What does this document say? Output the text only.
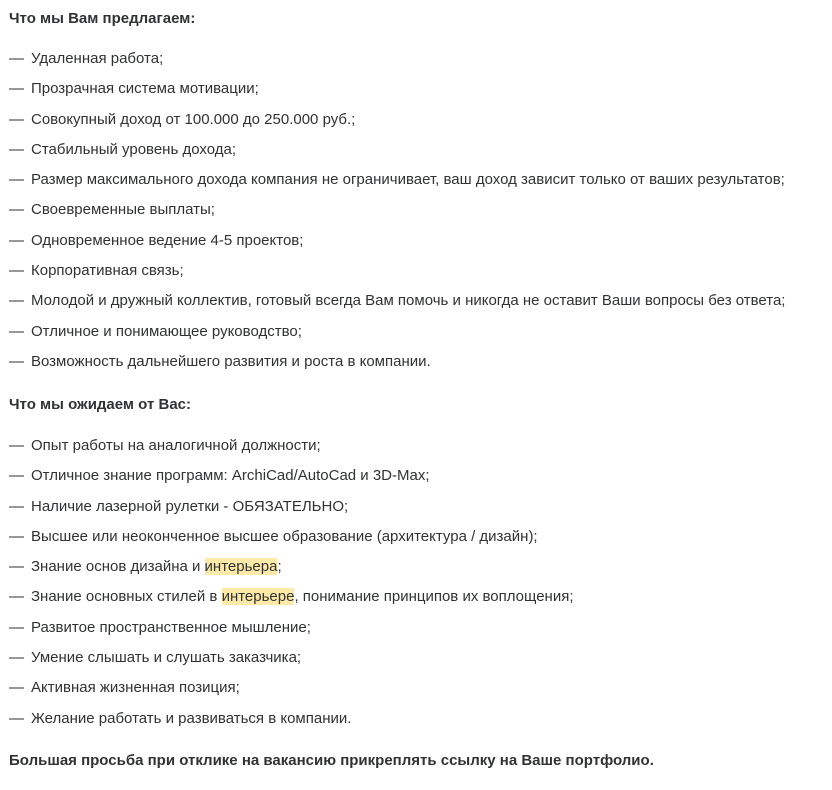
Что мы Вам предлагаем:
— Удаленная работа;
— Прозрачная система мотивации;
— Совокупный доход от 100.000 до 250.000 руб.;
— Стабильный уровень дохода;
— Размер максимального дохода компания не ограничивает, ваш доход зависит только от ваших результатов;
— Своевременные выплаты;
— Одновременное ведение 4-5 проектов;
— Корпоративная связь;
— Молодой и дружный коллектив, готовый всегда Вам помочь и никогда не оставит Ваши вопросы без ответа;
— Отличное и понимающее руководство;
— Возможность дальнейшего развития и роста в компании.
Что мы ожидаем от Вас:
— Опыт работы на аналогичной должности;
— Отличное знание программ: ArchiCad/AutoCad и 3D-Max;
— Наличие лазерной рулетки - ОБЯЗАТЕЛЬНО;
— Высшее или неоконченное высшее образование (архитектура / дизайн);
— Знание основ дизайна и интерьера;
— Знание основных стилей в интерьере, понимание принципов их воплощения;
— Развитое пространственное мышление;
— Умение слышать и слушать заказчика;
— Активная жизненная позиция;
— Желание работать и развиваться в компании.
Большая просьба при отклике на вакансию прикреплять ссылку на Ваше портфолио.
